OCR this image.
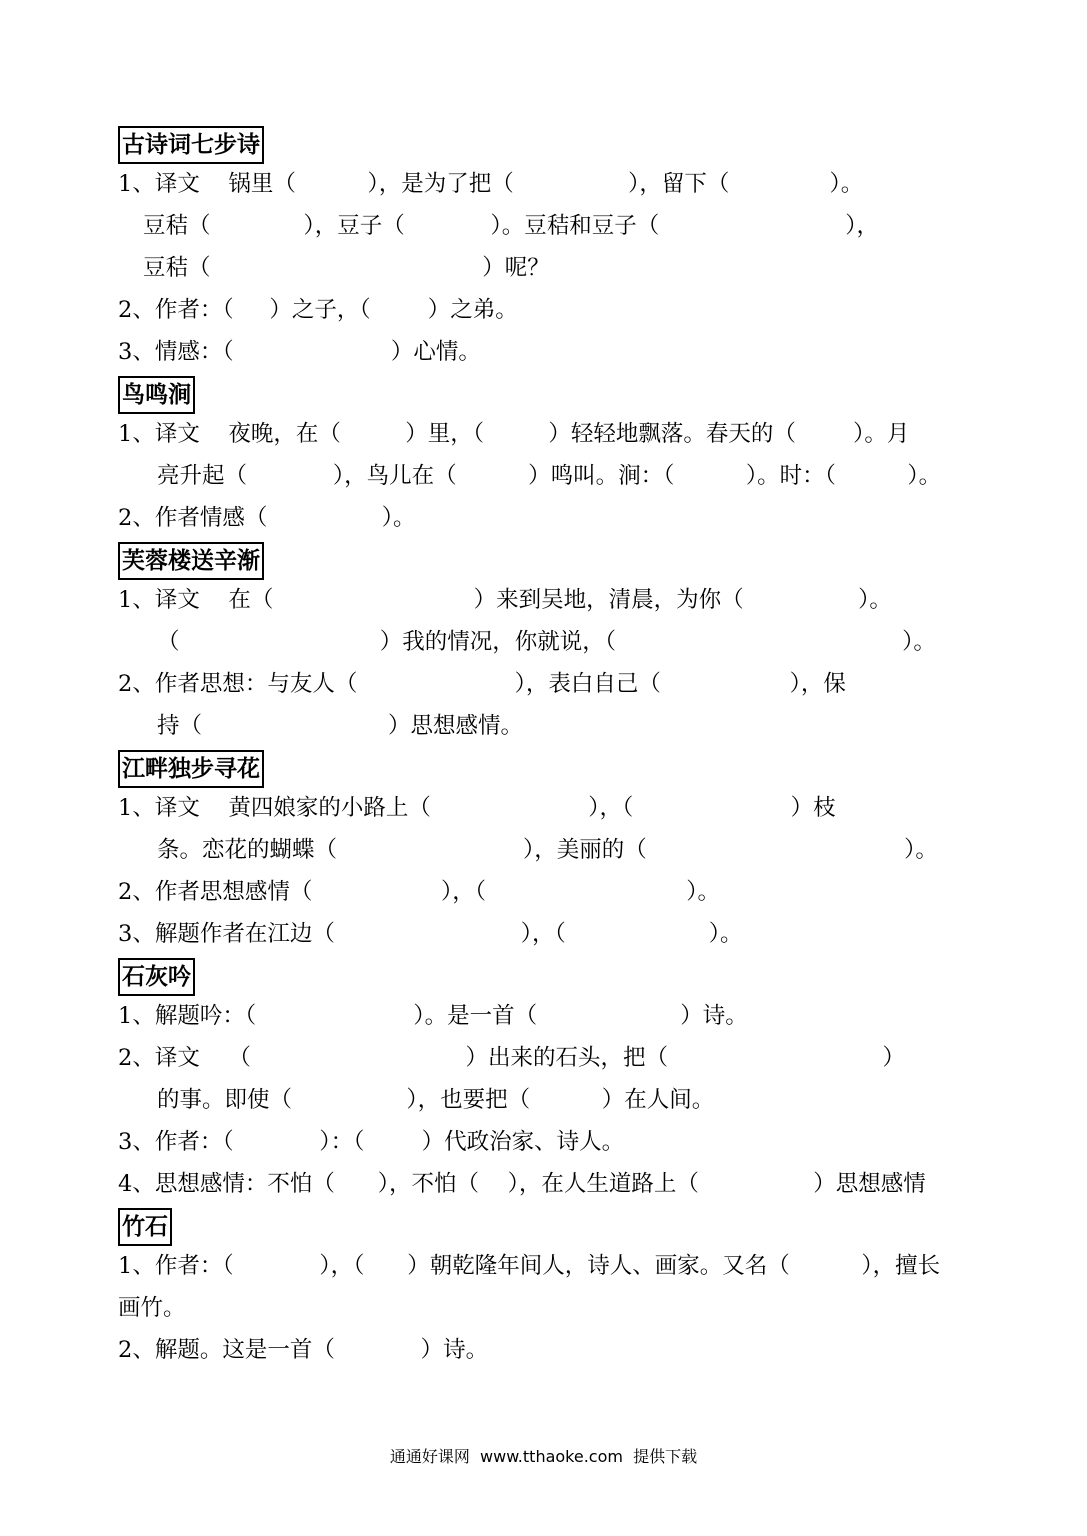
古诗词七步诗
1、译文    锅里（          ），是为了把（                ），留下（              ）。
豆秸（             ），豆子（            ）。豆秸和豆子（                          ），
豆秸（                                      ）呢？
2、作者：（     ）之子，（        ）之弟。
3、情感：（                      ）心情。
鸟鸣涧
1、译文    夜晚，在（         ）里，（         ）轻轻地飘落。春天的（        ）。月
亮升起（            ），鸟儿在（          ）鸣叫。涧：（          ）。时：（          ）。
2、作者情感（                ）。
芙蓉楼送辛渐
1、译文    在（                            ）来到吴地，清晨，为你（                ）。
（                            ）我的情况，你就说，（                                        ）。
2、作者思想：与友人（                      ），表白自己（                  ），保
持（                          ）思想感情。
江畔独步寻花
1、译文    黄四娘家的小路上（                      ），（                      ）枝
条。恋花的蝴蝶（                          ），美丽的（                                    ）。
2、作者思想感情（                  ），（                            ）。
3、解题作者在江边（                          ），（                    ）。
石灰吟
1、解题吟：（                      ）。是一首（                    ）诗。
2、译文    （                              ）出来的石头，把（                              ）
的事。即使（                ），也要把（          ）在人间。
3、作者：（            ）：（        ）代政治家、诗人。
4、思想感情：不怕（      ），不怕（    ），在人生道路上（                ）思想感情
竹石
1、作者：（            ），（      ）朝乾隆年间人，诗人、画家。又名（          ），擅长
画竹。
2、解题。这是一首（            ）诗。
通通好课网  www.tthaoke.com  提供下载
